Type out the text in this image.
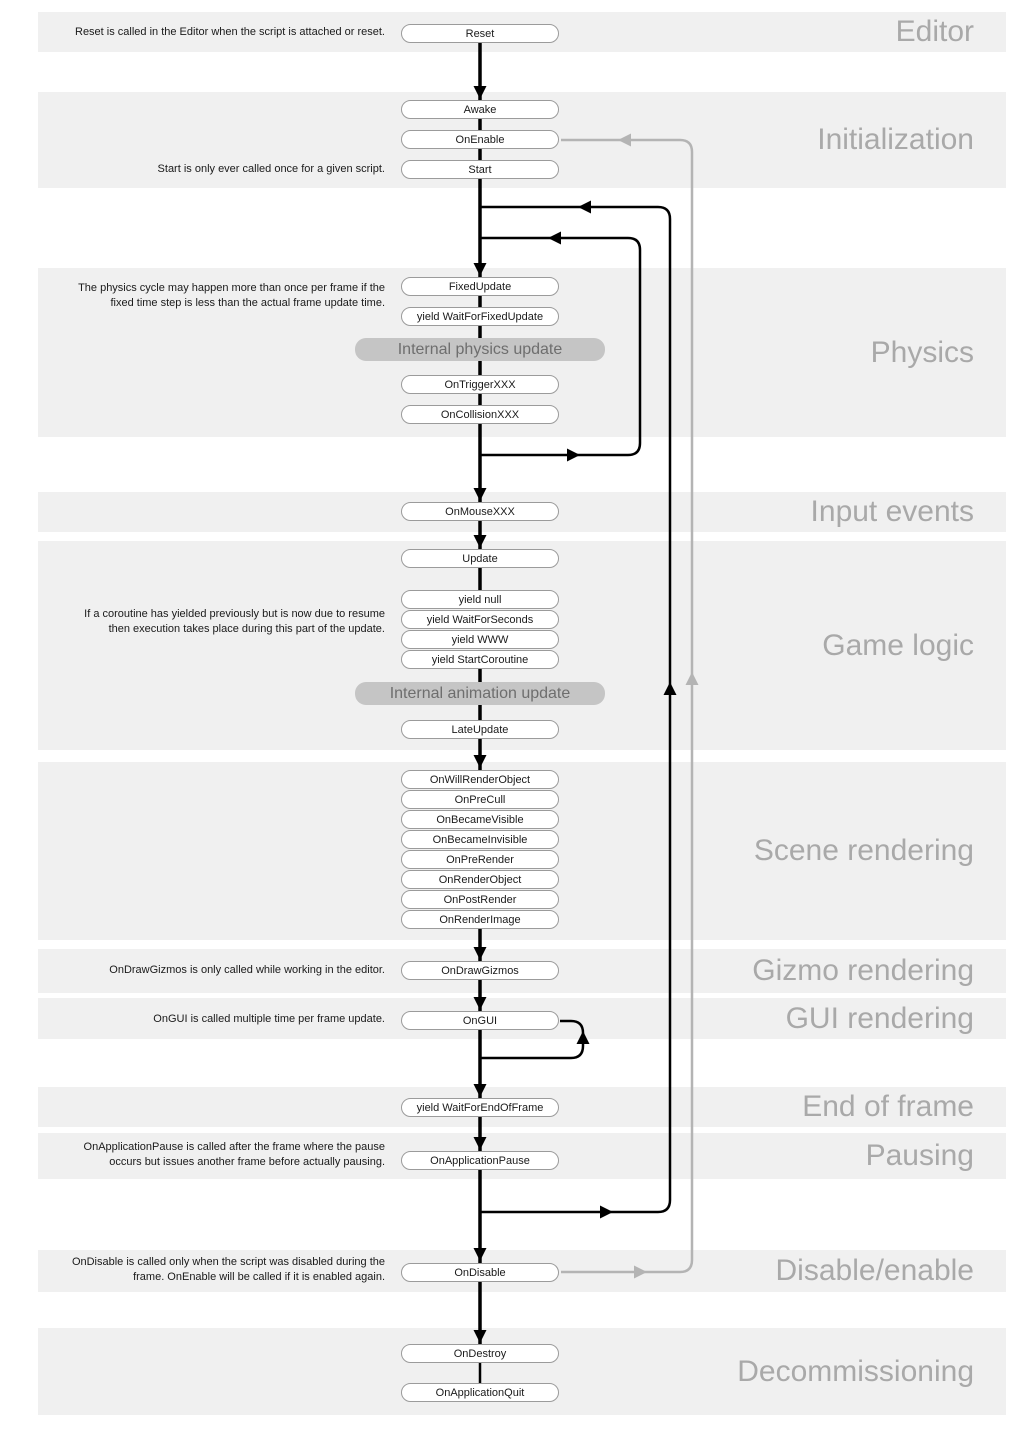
Editor
Initialization
Physics
Input events
Game logic
Scene rendering
Gizmo rendering
GUI rendering
End of frame
Pausing
Disable/enable
Decommissioning
Reset
Awake
OnEnable
Start
FixedUpdate
yield WaitForFixedUpdate
Internal physics update
OnTriggerXXX
OnCollisionXXX
OnMouseXXX
Update
yield null
yield WaitForSeconds
yield WWW
yield StartCoroutine
Internal animation update
LateUpdate
OnWillRenderObject
OnPreCull
OnBecameVisible
OnBecameInvisible
OnPreRender
OnRenderObject
OnPostRender
OnRenderImage
OnDrawGizmos
OnGUI
yield WaitForEndOfFrame
OnApplicationPause
OnDisable
OnDestroy
OnApplicationQuit
Reset is called in the Editor when the script is attached or reset.
Start is only ever called once for a given script.
The physics cycle may happen more than once per frame if the fixed time step is less than the actual frame update time.
If a coroutine has yielded previously but is now due to resume then execution takes place during this part of the update.
OnDrawGizmos is only called while working in the editor.
OnGUI is called multiple time per frame update.
OnApplicationPause is called after the frame where the pause occurs but issues another frame before actually pausing.
OnDisable is called only when the script was disabled during the frame. OnEnable will be called if it is enabled again.
